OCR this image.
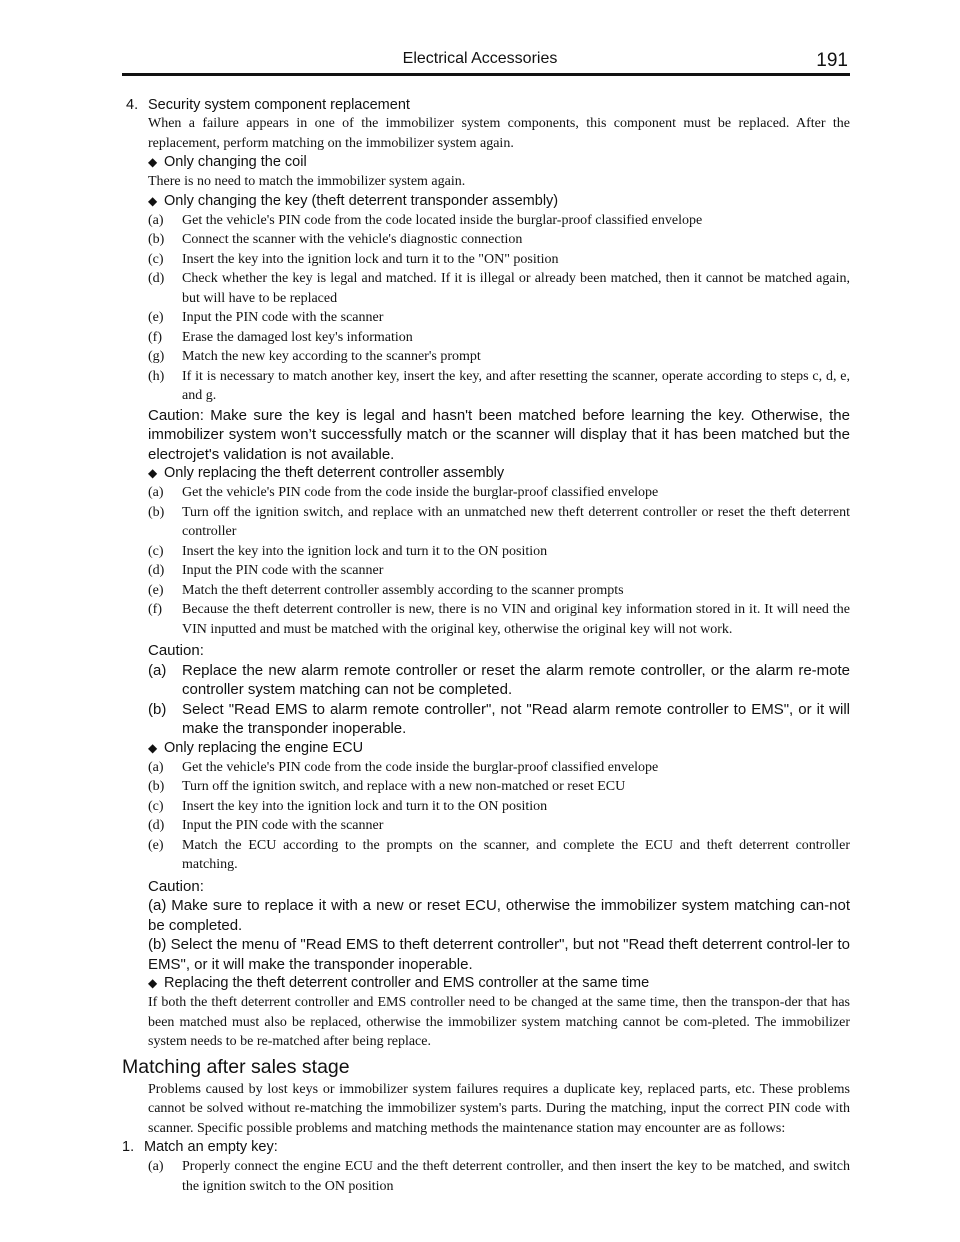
Electrical Accessories	191

4. Security system component replacement

When a failure appears in one of the immobilizer system components, this component must be replaced. After the replacement, perform matching on the immobilizer system again.

◆ Only changing the coil

There is no need to match the immobilizer system again.

◆ Only changing the key (theft deterrent transponder assembly)

(a)	Get the vehicle's PIN code from the code located inside the burglar-proof classified envelope
(b)	Connect the scanner with the vehicle's diagnostic connection
(c)	Insert the key into the ignition lock and turn it to the "ON" position
(d)	Check whether the key is legal and matched. If it is illegal or already been matched, then it cannot be matched again, but will have to be replaced
(e)	Input the PIN code with the scanner
(f)	Erase the damaged lost key's information
(g)	Match the new key according to the scanner's prompt
(h)	If it is necessary to match another key, insert the key, and after resetting the scanner, operate according to steps c, d, e, and g.

Caution: Make sure the key is legal and hasn't been matched before learning the key. Otherwise, the immobilizer system won’t successfully match or the scanner will display that it has been matched but the electrojet's validation is not available.

◆ Only replacing the theft deterrent controller assembly

(a)	Get the vehicle's PIN code from the code inside the burglar-proof classified envelope
(b)	Turn off the ignition switch, and replace with an unmatched new theft deterrent controller or reset the theft deterrent controller
(c)	Insert the key into the ignition lock and turn it to the ON position
(d)	Input the PIN code with the scanner
(e)	Match the theft deterrent controller assembly according to the scanner prompts
(f)	Because the theft deterrent controller is new, there is no VIN and original key information stored in it. It will need the VIN inputted and must be matched with the original key, otherwise the original key will not work.

Caution:

(a)	Replace the new alarm remote controller or reset the alarm remote controller, or the alarm re-mote controller system matching can not be completed.
(b)	Select "Read EMS to alarm remote controller", not "Read alarm remote controller to EMS", or it will make the transponder inoperable.

◆ Only replacing the engine ECU

(a)	Get the vehicle's PIN code from the code inside the burglar-proof classified envelope
(b)	Turn off the ignition switch, and replace with a new non-matched or reset ECU
(c)	Insert the key into the ignition lock and turn it to the ON position
(d)	Input the PIN code with the scanner
(e)	Match the ECU according to the prompts on the scanner, and complete the ECU and theft deterrent controller matching.

Caution:

(a) Make sure to replace it with a new or reset ECU, otherwise the immobilizer system matching can-not be completed.

(b) Select the menu of "Read EMS to theft deterrent controller", but not "Read theft deterrent control-ler to EMS", or it will make the transponder inoperable.

◆ Replacing the theft deterrent controller and EMS controller at the same time

If both the theft deterrent controller and EMS controller need to be changed at the same time, then the transpon-der that has been matched must also be replaced, otherwise the immobilizer system matching cannot be com-pleted. The immobilizer system needs to be re-matched after being replace.

Matching after sales stage

Problems caused by lost keys or immobilizer system failures requires a duplicate key, replaced parts, etc. These problems cannot be solved without re-matching the immobilizer system's parts. During the matching, input the correct PIN code with scanner. Specific possible problems and matching methods the maintenance station may encounter are as follows:

1. Match an empty key:

(a)	Properly connect the engine ECU and the theft deterrent controller, and then insert the key to be matched, and switch the ignition switch to the ON position
